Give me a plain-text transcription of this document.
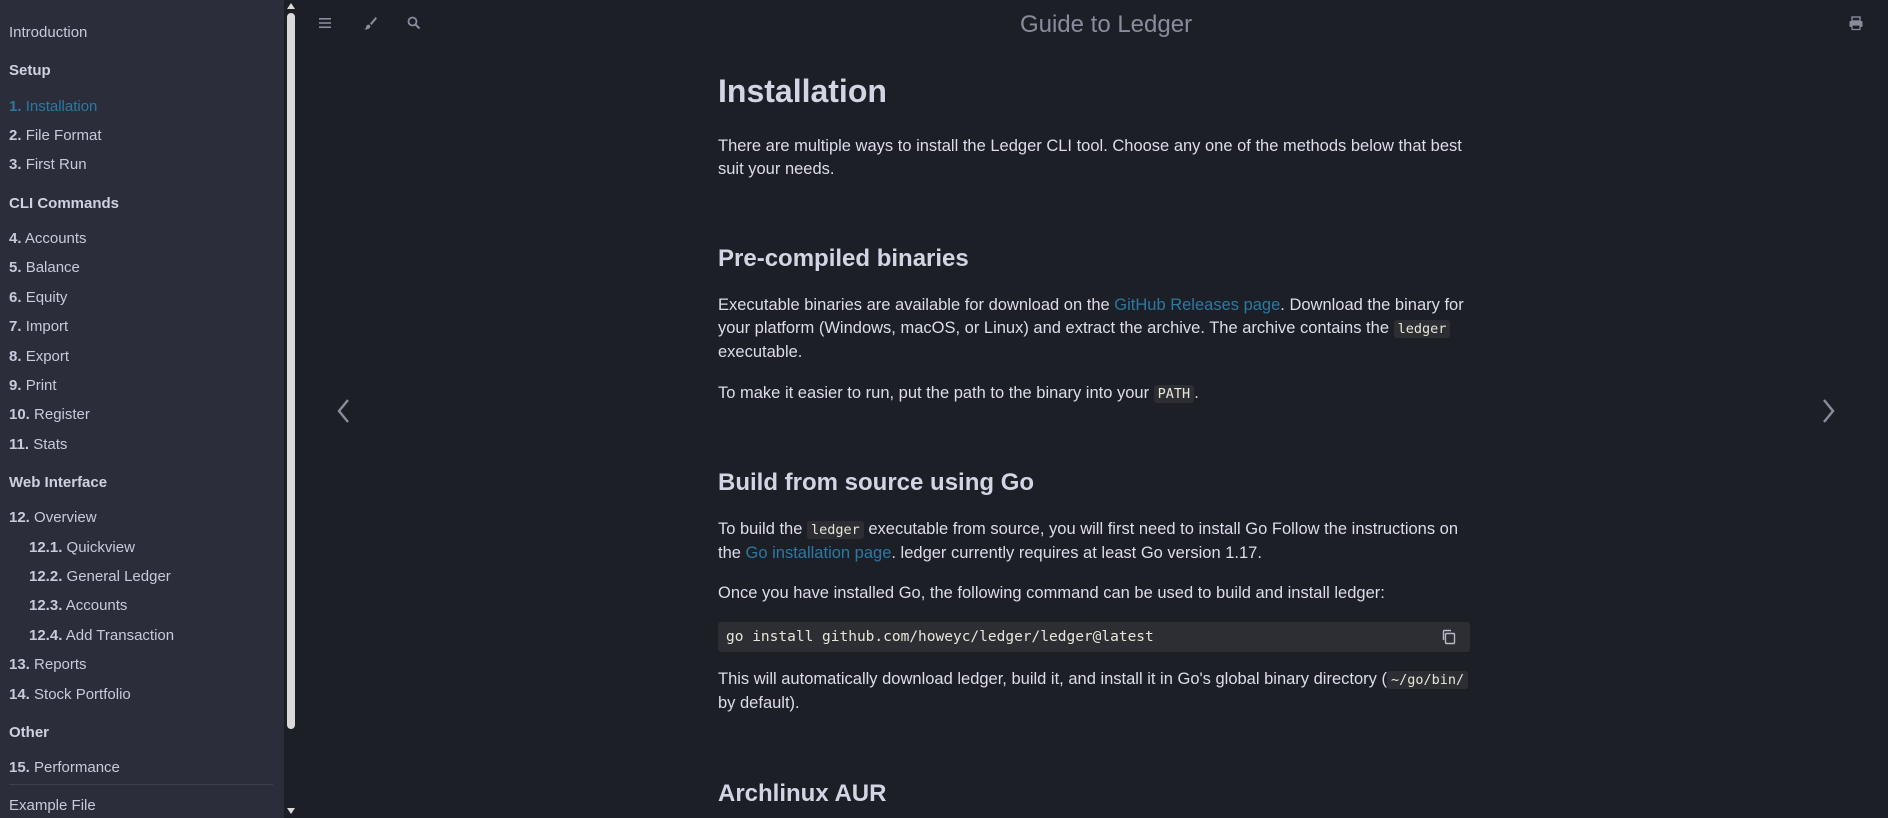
Introduction
Setup
1. Installation
2. File Format
3. First Run
CLI Commands
4. Accounts
5. Balance
6. Equity
7. Import
8. Export
9. Print
10. Register
11. Stats
Web Interface
12. Overview
12.1. Quickview
12.2. General Ledger
12.3. Accounts
12.4. Add Transaction
13. Reports
14. Stock Portfolio
Other
15. Performance
Example File
Guide to Ledger
Installation

There are multiple ways to install the Ledger CLI tool. Choose any one of the methods below that best suit your needs.

Pre-compiled binaries

Executable binaries are available for download on the GitHub Releases page. Download the binary for your platform (Windows, macOS, or Linux) and extract the archive. The archive contains the ledger executable.

To make it easier to run, put the path to the binary into your PATH .

Build from source using Go

To build the ledger executable from source, you will first need to install Go Follow the instructions on the Go installation page. ledger currently requires at least Go version 1.17.

Once you have installed Go, the following command can be used to build and install ledger:

go install github.com/howeyc/ledger/ledger@latest

This will automatically download ledger, build it, and install it in Go's global binary directory ( ~/go/bin/ by default).

Archlinux AUR
